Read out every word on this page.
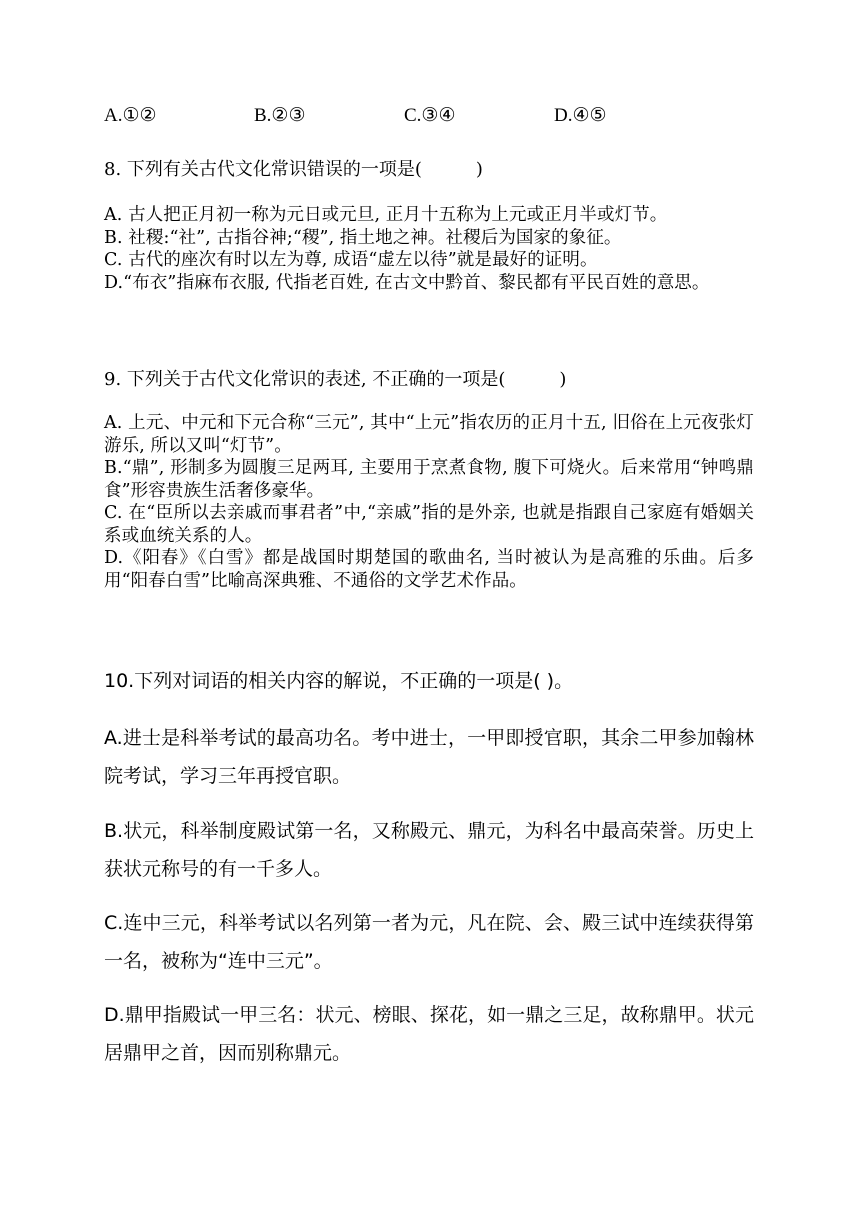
A.①②	B.②③	C.③④	D.④⑤

8. 下列有关古代文化常识错误的一项是(　　　)

A. 古人把正月初一称为元日或元旦, 正月十五称为上元或正月半或灯节。

B. 社稷:“社”, 古指谷神;“稷”, 指土地之神。社稷后为国家的象征。

C. 古代的座次有时以左为尊, 成语“虚左以待”就是最好的证明。

D.“布衣”指麻布衣服, 代指老百姓, 在古文中黔首、黎民都有平民百姓的意思。

9. 下列关于古代文化常识的表述, 不正确的一项是(　　　)

A. 上元、中元和下元合称“三元”, 其中“上元”指农历的正月十五, 旧俗在上元夜张灯游乐, 所以又叫“灯节”。

B.“鼎”, 形制多为圆腹三足两耳, 主要用于烹煮食物, 腹下可烧火。后来常用“钟鸣鼎食”形容贵族生活奢侈豪华。

C. 在“臣所以去亲戚而事君者”中,“亲戚”指的是外亲, 也就是指跟自己家庭有婚姻关系或血统关系的人。

D.《阳春》《白雪》都是战国时期楚国的歌曲名, 当时被认为是高雅的乐曲。后多用“阳春白雪”比喻高深典雅、不通俗的文学艺术作品。

10.下列对词语的相关内容的解说，不正确的一项是( )。

A.进士是科举考试的最高功名。考中进士，一甲即授官职，其余二甲参加翰林院考试，学习三年再授官职。

B.状元，科举制度殿试第一名，又称殿元、鼎元，为科名中最高荣誉。历史上获状元称号的有一千多人。

C.连中三元，科举考试以名列第一者为元，凡在院、会、殿三试中连续获得第一名，被称为“连中三元”。

D.鼎甲指殿试一甲三名：状元、榜眼、探花，如一鼎之三足，故称鼎甲。状元居鼎甲之首，因而别称鼎元。
